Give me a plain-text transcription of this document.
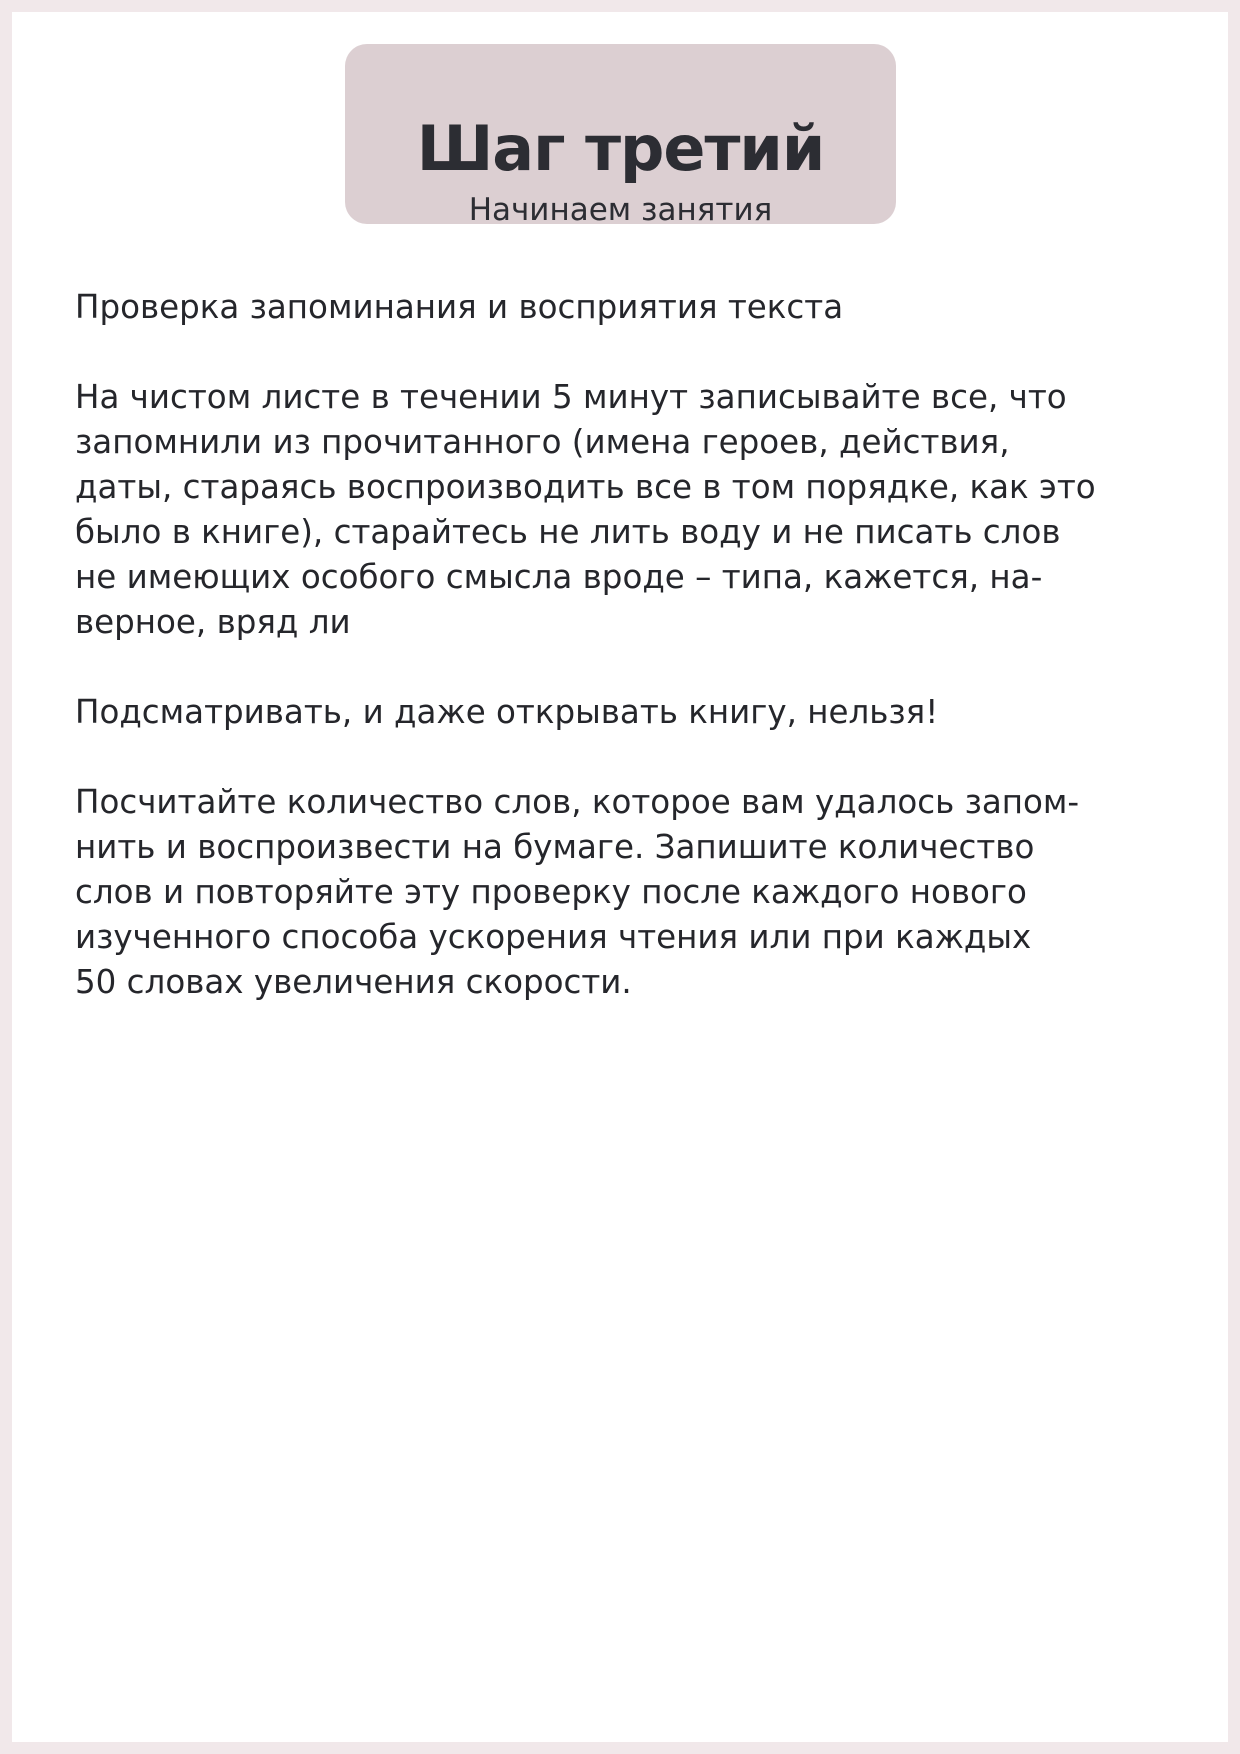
Шаг третий
Начинаем занятия

Проверка запоминания и восприятия текста

На чистом листе в течении 5 минут записывайте все, что
запомнили из прочитанного (имена героев, действия,
даты, стараясь воспроизводить все в том порядке, как это
было в книге), старайтесь не лить воду и не писать слов
не имеющих особого смысла вроде – типа, кажется, на-
верное, вряд ли

Подсматривать, и даже открывать книгу, нельзя!

Посчитайте количество слов, которое вам удалось запом-
нить и воспроизвести на бумаге. Запишите количество
слов и повторяйте эту проверку после каждого нового
изученного способа ускорения чтения или при каждых
50 словах увеличения скорости.
